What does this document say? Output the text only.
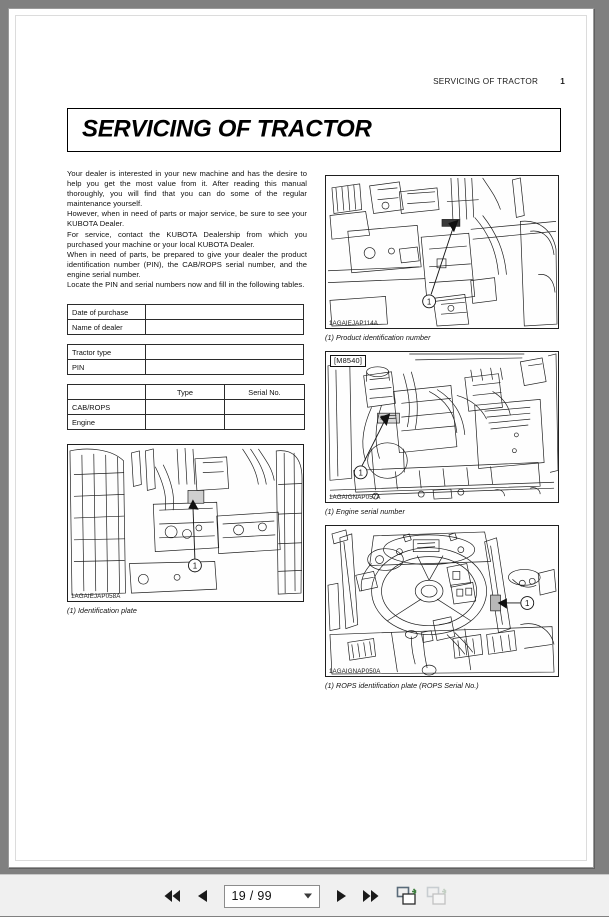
SERVICING OF TRACTOR	1
SERVICING OF TRACTOR

Your dealer is interested in your new machine and has the desire to help you get the most value from it. After reading this manual thoroughly, you will find that you can do some of the regular maintenance yourself.

However, when in need of parts or major service, be sure to see your KUBOTA Dealer.

For service, contact the KUBOTA Dealership from which you purchased your machine or your local KUBOTA Dealer.

When in need of parts, be prepared to give your dealer the product identification number (PIN), the CAB/ROPS serial number, and the engine serial number.

Locate the PIN and serial numbers now and fill in the following tables.

Date of purchase	
Name of dealer	
Tractor type	
PIN	
	Type	Serial No.
CAB/ROPS		
Engine		
1
1AGAIEJAP058A
(1) Identification plate
1
1AGAIEJAP114A
(1) Product identification number
1
[M8540]
1AGAIGNAP057A
(1) Engine serial number
1
1AGAIGNAP050A
(1) ROPS identification plate (ROPS Serial No.)
19 / 99
